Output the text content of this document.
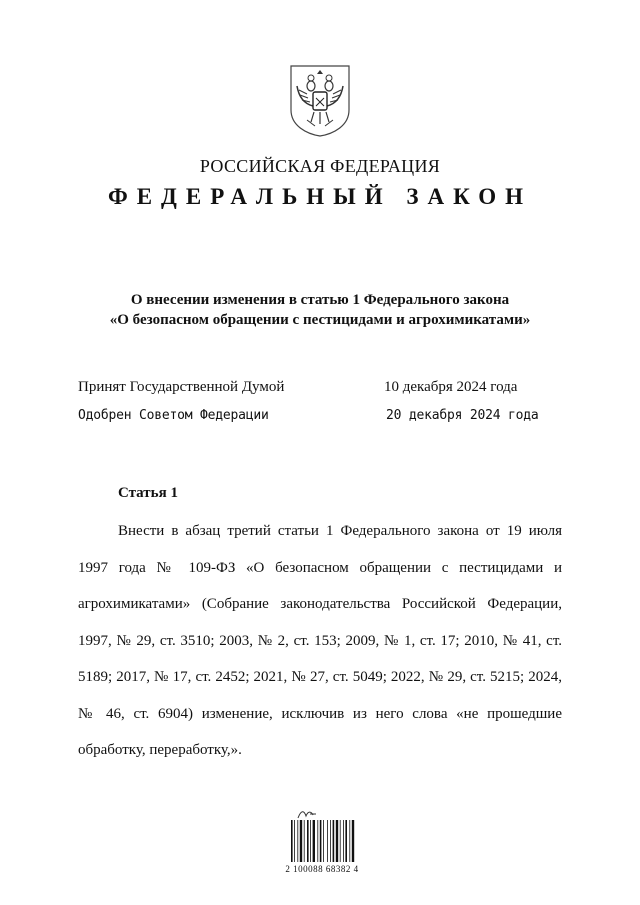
РОССИЙСКАЯ ФЕДЕРАЦИЯ
ФЕДЕРАЛЬНЫЙ ЗАКОН
О внесении изменения в статью 1 Федерального закона
«О безопасном обращении с пестицидами и агрохимикатами»
Принят Государственной Думой	10 декабря 2024 года
Одобрен Советом Федерации	20 декабря 2024 года
Статья 1
Внести в абзац третий статьи 1 Федерального закона от 19 июля 1997 года № 109-ФЗ «О безопасном обращении с пестицидами и агрохимикатами» (Собрание законодательства Российской Федерации, 1997, № 29, ст. 3510; 2003, № 2, ст. 153; 2009, № 1, ст. 17; 2010, № 41, ст. 5189; 2017, № 17, ст. 2452; 2021, № 27, ст. 5049; 2022, № 29, ст. 5215; 2024, № 46, ст. 6904) изменение, исключив из него слова «не прошедшие обработку, переработку,».
2 100088 68382 4
